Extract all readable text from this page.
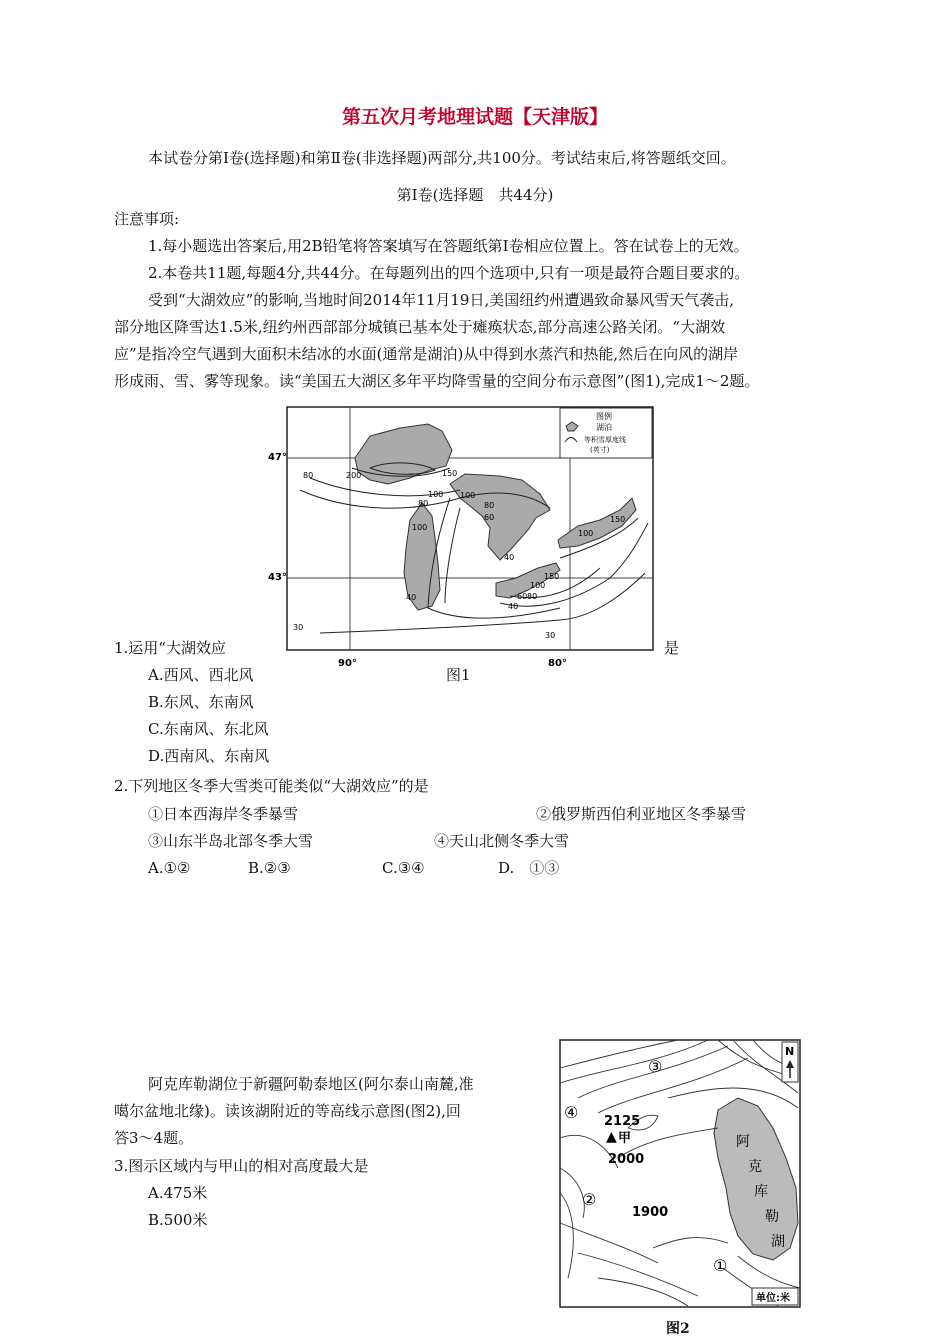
第五次月考地理试题【天津版】
本试卷分第Ⅰ卷(选择题)和第Ⅱ卷(非选择题)两部分,共100分。考试结束后,将答题纸交回。
第Ⅰ卷(选择题　共44分)
注意事项:
1.每小题选出答案后,用2B铅笔将答案填写在答题纸第Ⅰ卷相应位置上。答在试卷上的无效。
2.本卷共11题,每题4分,共44分。在每题列出的四个选项中,只有一项是最符合题目要求的。
受到“大湖效应”的影响,当地时间2014年11月19日,美国纽约州遭遇致命暴风雪天气袭击,
部分地区降雪达1.5米,纽约州西部部分城镇已基本处于瘫痪状态,部分高速公路关闭。“大湖效
应”是指冷空气遇到大面积未结冰的水面(通常是湖泊)从中得到水蒸汽和热能,然后在向风的湖岸
形成雨、雪、雾等现象。读“美国五大湖区多年平均降雪量的空间分布示意图”(图1),完成1～2题。
47°
43°
90°	80°
80	200	150
100
80
100
80
60
100
40
40
100
150
100
150
60
40
80
30
30
图例
湖泊
等积雪厚度线
(英寸)
1.运用“大湖效应	是
图1
A.西风、西北风
B.东风、东南风
C.东南风、东北风
D.西南风、东南风
2.下列地区冬季大雪类可能类似“大湖效应”的是
①日本西海岸冬季暴雪	②俄罗斯西伯利亚地区冬季暴雪
③山东半岛北部冬季大雪	④天山北侧冬季大雪
A.①②	B.②③	C.③④	D.　①③
阿克库勒湖位于新疆阿勒泰地区(阿尔泰山南麓,准
噶尔盆地北缘)。读该湖附近的等高线示意图(图2),回
答3～4题。
3.图示区域内与甲山的相对高度最大是
A.475米
B.500米
④
③
②
①
2125
▲ 甲
2000
1900
阿
克
库
勒
湖
N
单位:米
图2
